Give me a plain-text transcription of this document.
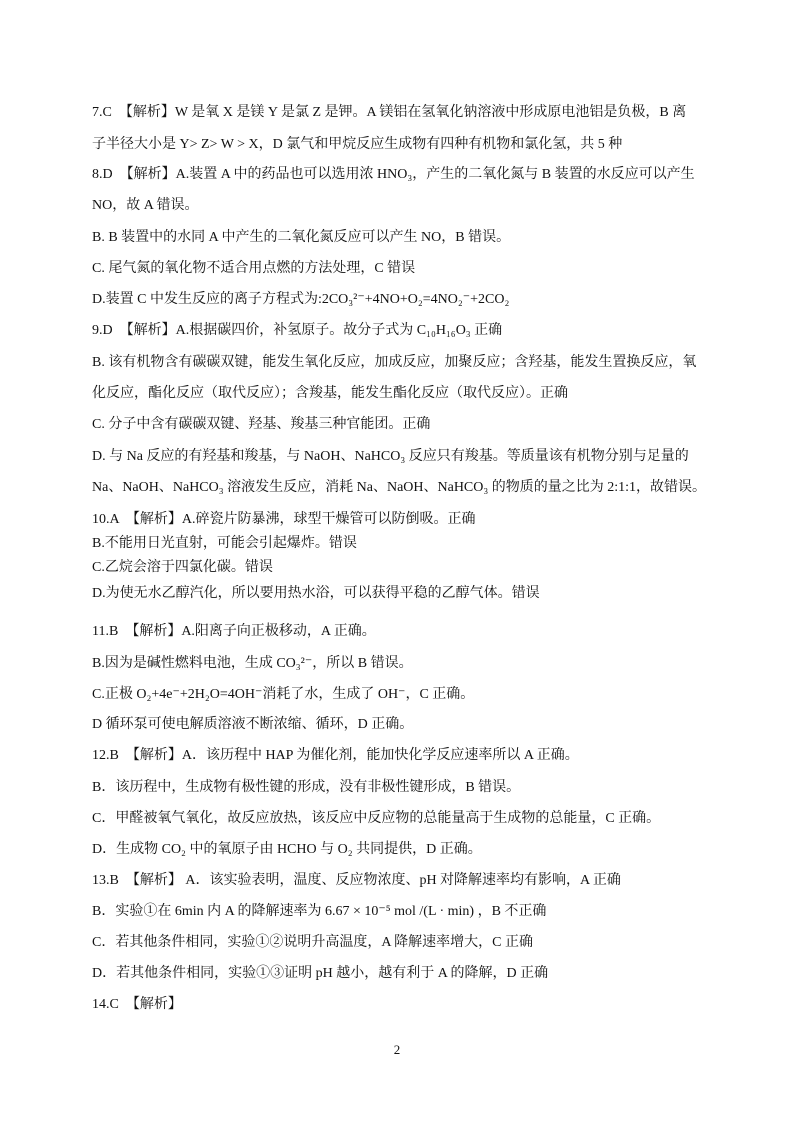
7.C　【解析】W 是氧 X 是镁 Y 是氯 Z 是钾。A 镁铝在氢氧化钠溶液中形成原电池铝是负极，B 离
子半径大小是 Y> Z> W > X，D 氯气和甲烷反应生成物有四种有机物和氯化氢，共 5 种
8.D　【解析】A.装置 A 中的药品也可以选用浓 HNO₃，产生的二氧化氮与 B 装置的水反应可以产生
NO，故 A 错误。
B. B 装置中的水同 A 中产生的二氧化氮反应可以产生 NO，B 错误。
C. 尾气氮的氧化物不适合用点燃的方法处理，C 错误
D.装置 C 中发生反应的离子方程式为:2CO₃²⁻+4NO+O₂=4NO₂⁻+2CO₂
9.D　【解析】A.根据碳四价，补氢原子。故分子式为 C₁₀H₁₆O₃ 正确
B. 该有机物含有碳碳双键，能发生氧化反应，加成反应，加聚反应；含羟基，能发生置换反应，氧
化反应，酯化反应（取代反应）；含羧基，能发生酯化反应（取代反应）。正确
C. 分子中含有碳碳双键、羟基、羧基三种官能团。正确
D. 与 Na 反应的有羟基和羧基，与 NaOH、NaHCO₃ 反应只有羧基。等质量该有机物分别与足量的
Na、NaOH、NaHCO₃ 溶液发生反应，消耗 Na、NaOH、NaHCO₃ 的物质的量之比为 2:1:1，故错误。
10.A　【解析】A.碎瓷片防暴沸，球型干燥管可以防倒吸。正确
B.不能用日光直射，可能会引起爆炸。错误
C.乙烷会溶于四氯化碳。错误
D.为使无水乙醇汽化，所以要用热水浴，可以获得平稳的乙醇气体。错误
11.B　【解析】A.阳离子向正极移动，A 正确。
B.因为是碱性燃料电池，生成 CO₃²⁻，所以 B 错误。
C.正极 O₂+4e⁻+2H₂O=4OH⁻消耗了水，生成了 OH⁻，C 正确。
D 循环泵可使电解质溶液不断浓缩、循环，D 正确。
12.B　【解析】A．该历程中 HAP 为催化剂，能加快化学反应速率所以 A 正确。
B．该历程中，生成物有极性键的形成，没有非极性键形成，B 错误。
C．甲醛被氧气氧化，故反应放热，该反应中反应物的总能量高于生成物的总能量，C 正确。
D．生成物 CO₂ 中的氧原子由 HCHO 与 O₂ 共同提供，D 正确。
13.B　【解析】 A．该实验表明，温度、反应物浓度、pH 对降解速率均有影响，A 正确
B．实验①在 6min 内 A 的降解速率为 6.67 × 10⁻⁵ mol /(L · min) ，B 不正确
C．若其他条件相同，实验①②说明升高温度，A 降解速率增大，C 正确
D．若其他条件相同，实验①③证明 pH 越小，越有利于 A 的降解，D 正确
14.C　【解析】
2
